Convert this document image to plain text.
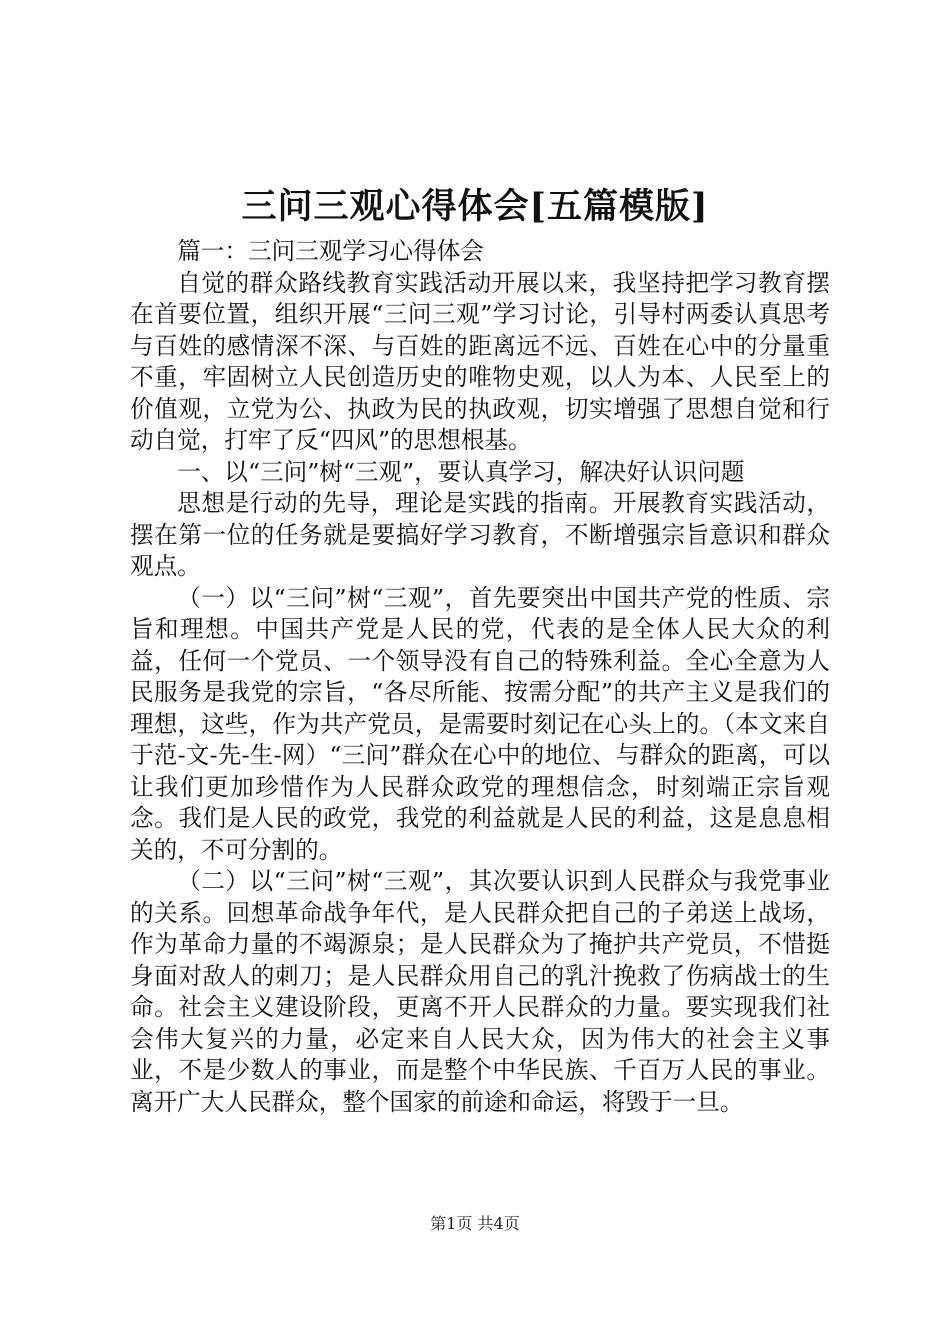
三问三观心得体会[五篇模版]

篇一：三问三观学习心得体会

自觉的群众路线教育实践活动开展以来，我坚持把学习教育摆在首要位置，组织开展“三问三观”学习讨论，引导村两委认真思考与百姓的感情深不深、与百姓的距离远不远、百姓在心中的分量重不重，牢固树立人民创造历史的唯物史观，以人为本、人民至上的价值观，立党为公、执政为民的执政观，切实增强了思想自觉和行动自觉，打牢了反“四风”的思想根基。

一、以“三问”树“三观”，要认真学习，解决好认识问题

思想是行动的先导，理论是实践的指南。开展教育实践活动，摆在第一位的任务就是要搞好学习教育，不断增强宗旨意识和群众观点。

（一）以“三问”树“三观”，首先要突出中国共产党的性质、宗旨和理想。中国共产党是人民的党，代表的是全体人民大众的利益，任何一个党员、一个领导没有自己的特殊利益。全心全意为人民服务是我党的宗旨，“各尽所能、按需分配”的共产主义是我们的理想，这些，作为共产党员，是需要时刻记在心头上的。（本文来自于范-文-先-生-网）“三问”群众在心中的地位、与群众的距离，可以让我们更加珍惜作为人民群众政党的理想信念，时刻端正宗旨观念。我们是人民的政党，我党的利益就是人民的利益，这是息息相关的，不可分割的。

（二）以“三问”树“三观”，其次要认识到人民群众与我党事业的关系。回想革命战争年代，是人民群众把自己的子弟送上战场，作为革命力量的不竭源泉；是人民群众为了掩护共产党员，不惜挺身面对敌人的刺刀；是人民群众用自己的乳汁挽救了伤病战士的生命。社会主义建设阶段，更离不开人民群众的力量。要实现我们社会伟大复兴的力量，必定来自人民大众，因为伟大的社会主义事业，不是少数人的事业，而是整个中华民族、千百万人民的事业。离开广大人民群众，整个国家的前途和命运，将毁于一旦。

第1页 共4页
